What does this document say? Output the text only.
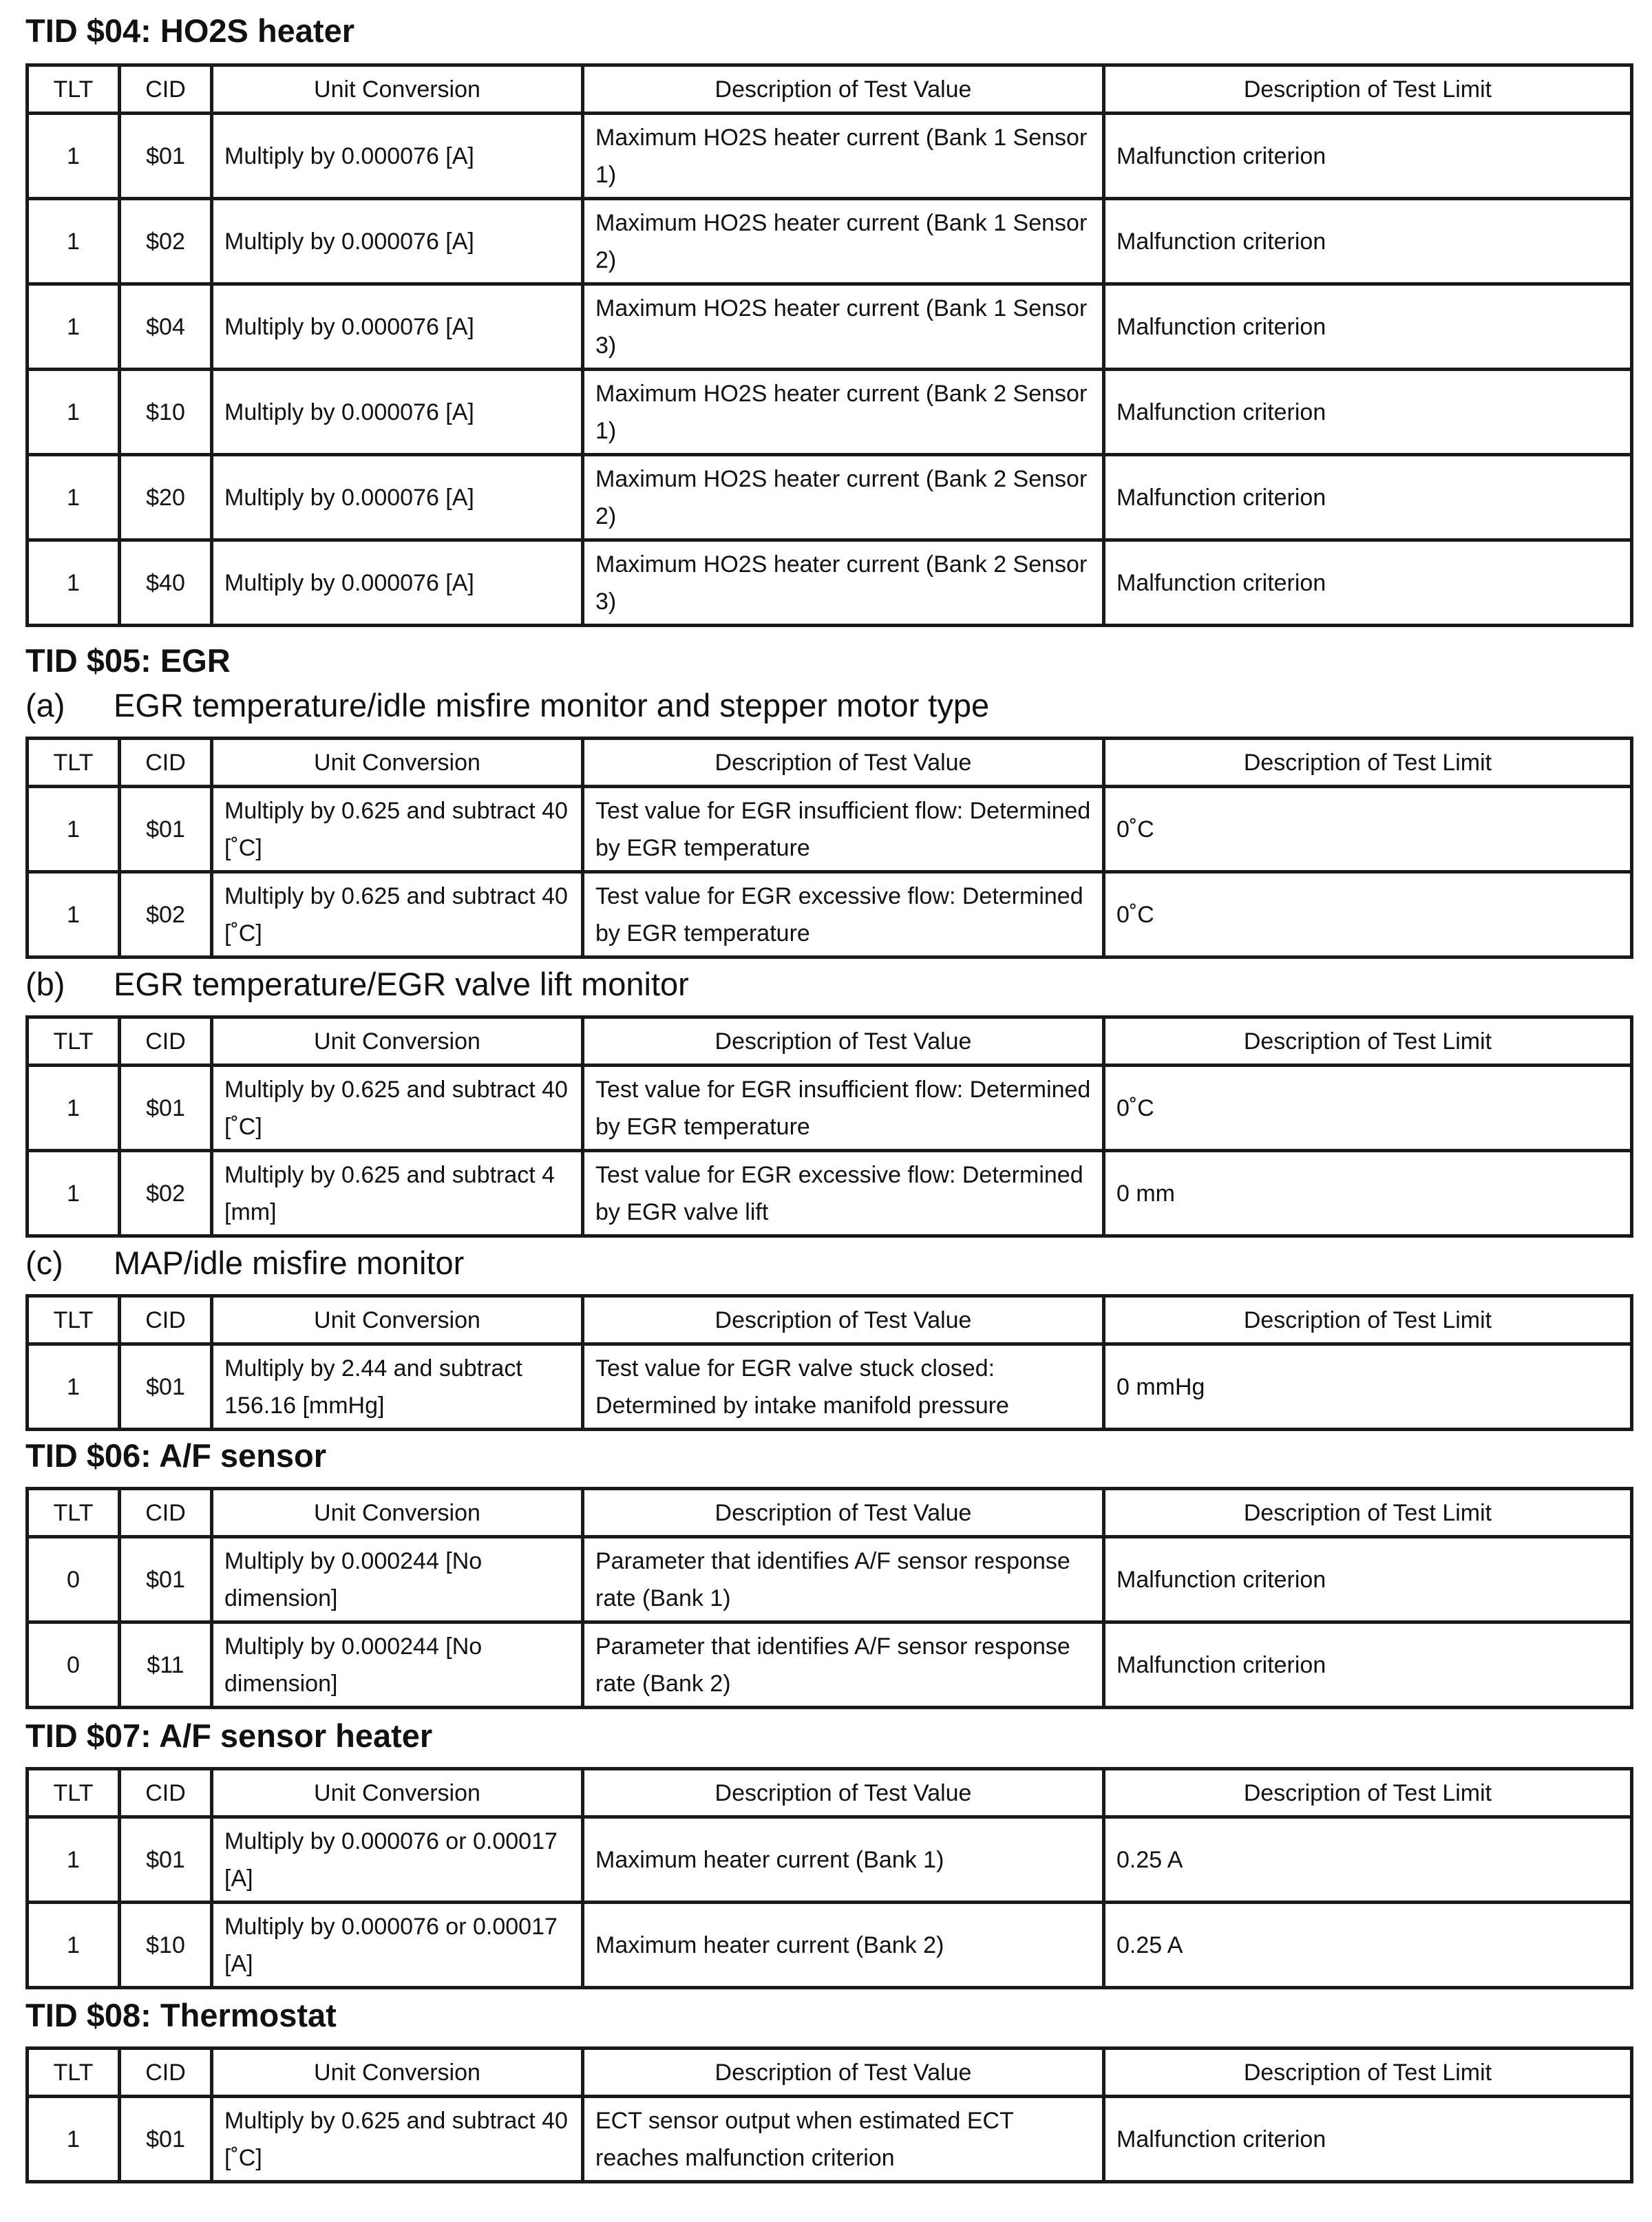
TID $04: HO2S heater
TLT	CID	Unit Conversion	Description of Test Value	Description of Test Limit
1	$01	Multiply by 0.000076 [A]	Maximum HO2S heater current (Bank 1 Sensor 1)	Malfunction criterion
1	$02	Multiply by 0.000076 [A]	Maximum HO2S heater current (Bank 1 Sensor 2)	Malfunction criterion
1	$04	Multiply by 0.000076 [A]	Maximum HO2S heater current (Bank 1 Sensor 3)	Malfunction criterion
1	$10	Multiply by 0.000076 [A]	Maximum HO2S heater current (Bank 2 Sensor 1)	Malfunction criterion
1	$20	Multiply by 0.000076 [A]	Maximum HO2S heater current (Bank 2 Sensor 2)	Malfunction criterion
1	$40	Multiply by 0.000076 [A]	Maximum HO2S heater current (Bank 2 Sensor 3)	Malfunction criterion
TID $05: EGR
(a) EGR temperature/idle misfire monitor and stepper motor type
TLT	CID	Unit Conversion	Description of Test Value	Description of Test Limit
1	$01	Multiply by 0.625 and subtract 40 [˚C]	Test value for EGR insufficient flow: Determined by EGR temperature	0˚C
1	$02	Multiply by 0.625 and subtract 40 [˚C]	Test value for EGR excessive flow: Determined by EGR temperature	0˚C
(b) EGR temperature/EGR valve lift monitor
TLT	CID	Unit Conversion	Description of Test Value	Description of Test Limit
1	$01	Multiply by 0.625 and subtract 40 [˚C]	Test value for EGR insufficient flow: Determined by EGR temperature	0˚C
1	$02	Multiply by 0.625 and subtract 4 [mm]	Test value for EGR excessive flow: Determined by EGR valve lift	0 mm
(c) MAP/idle misfire monitor
TLT	CID	Unit Conversion	Description of Test Value	Description of Test Limit
1	$01	Multiply by 2.44 and subtract 156.16 [mmHg]	Test value for EGR valve stuck closed: Determined by intake manifold pressure	0 mmHg
TID $06: A/F sensor
TLT	CID	Unit Conversion	Description of Test Value	Description of Test Limit
0	$01	Multiply by 0.000244 [No dimension]	Parameter that identifies A/F sensor response rate (Bank 1)	Malfunction criterion
0	$11	Multiply by 0.000244 [No dimension]	Parameter that identifies A/F sensor response rate (Bank 2)	Malfunction criterion
TID $07: A/F sensor heater
TLT	CID	Unit Conversion	Description of Test Value	Description of Test Limit
1	$01	Multiply by 0.000076 or 0.00017 [A]	Maximum heater current (Bank 1)	0.25 A
1	$10	Multiply by 0.000076 or 0.00017 [A]	Maximum heater current (Bank 2)	0.25 A
TID $08: Thermostat
TLT	CID	Unit Conversion	Description of Test Value	Description of Test Limit
1	$01	Multiply by 0.625 and subtract 40 [˚C]	ECT sensor output when estimated ECT reaches malfunction criterion	Malfunction criterion
